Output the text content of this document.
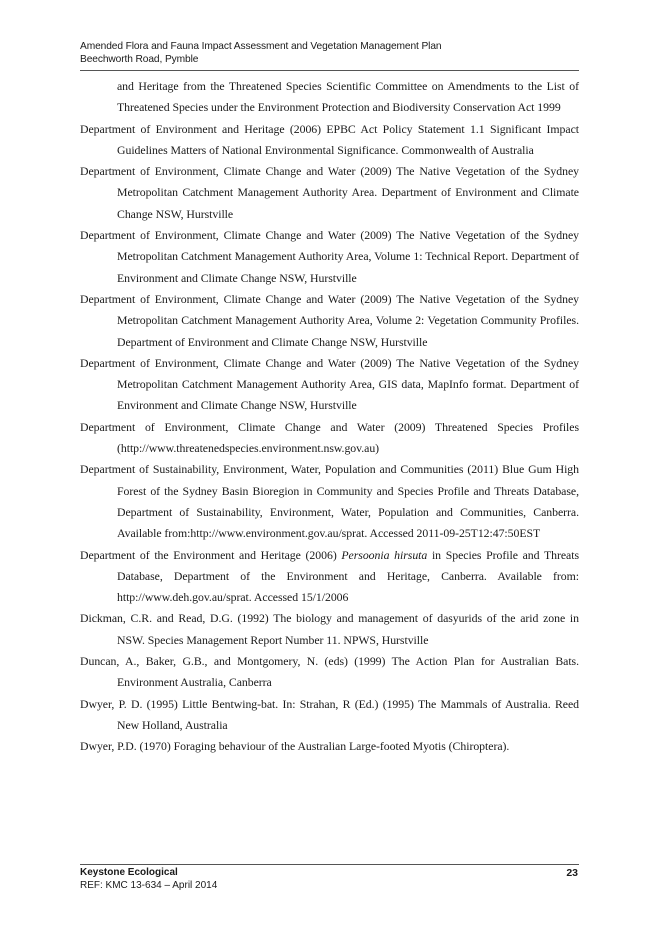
Amended Flora and Fauna Impact Assessment and Vegetation Management Plan
Beechworth Road, Pymble

and Heritage from the Threatened Species Scientific Committee on Amendments to the List of Threatened Species under the Environment Protection and Biodiversity Conservation Act 1999

Department of Environment and Heritage (2006) EPBC Act Policy Statement 1.1 Significant Impact Guidelines Matters of National Environmental Significance. Commonwealth of Australia

Department of Environment, Climate Change and Water (2009) The Native Vegetation of the Sydney Metropolitan Catchment Management Authority Area. Department of Environment and Climate Change NSW, Hurstville

Department of Environment, Climate Change and Water (2009) The Native Vegetation of the Sydney Metropolitan Catchment Management Authority Area, Volume 1: Technical Report. Department of Environment and Climate Change NSW, Hurstville

Department of Environment, Climate Change and Water (2009) The Native Vegetation of the Sydney Metropolitan Catchment Management Authority Area, Volume 2: Vegetation Community Profiles. Department of Environment and Climate Change NSW, Hurstville

Department of Environment, Climate Change and Water (2009) The Native Vegetation of the Sydney Metropolitan Catchment Management Authority Area, GIS data, MapInfo format. Department of Environment and Climate Change NSW, Hurstville

Department of Environment, Climate Change and Water (2009) Threatened Species Profiles (http://www.threatenedspecies.environment.nsw.gov.au)

Department of Sustainability, Environment, Water, Population and Communities (2011) Blue Gum High Forest of the Sydney Basin Bioregion in Community and Species Profile and Threats Database, Department of Sustainability, Environment, Water, Population and Communities, Canberra. Available from:http://www.environment.gov.au/sprat. Accessed 2011-09-25T12:47:50EST

Department of the Environment and Heritage (2006) Persoonia hirsuta in Species Profile and Threats Database, Department of the Environment and Heritage, Canberra. Available from: http://www.deh.gov.au/sprat. Accessed 15/1/2006

Dickman, C.R. and Read, D.G. (1992) The biology and management of dasyurids of the arid zone in NSW. Species Management Report Number 11. NPWS, Hurstville

Duncan, A., Baker, G.B., and Montgomery, N. (eds) (1999) The Action Plan for Australian Bats. Environment Australia, Canberra

Dwyer, P. D. (1995) Little Bentwing-bat. In: Strahan, R (Ed.) (1995) The Mammals of Australia. Reed New Holland, Australia

Dwyer, P.D. (1970) Foraging behaviour of the Australian Large-footed Myotis (Chiroptera).

Keystone Ecological
REF: KMC 13-634 – April 2014
23
